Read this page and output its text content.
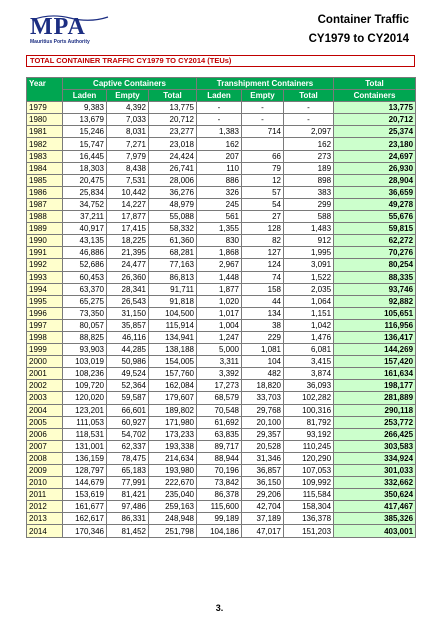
MPA
Mauritius Ports Authority
Container Traffic
CY1979 to CY2014
TOTAL CONTAINER TRAFFIC CY1979 TO CY2014 (TEUs)
Year	Captive Containers			Transhipment Containers			Total
	Laden	Empty	Total	Laden	Empty	Total	Containers
1979	9,383	4,392	13,775	-	-	-	13,775
1980	13,679	7,033	20,712	-	-	-	20,712
1981	15,246	8,031	23,277	1,383	714	2,097	25,374
1982	15,747	7,271	23,018	162		162	23,180
1983	16,445	7,979	24,424	207	66	273	24,697
1984	18,303	8,438	26,741	110	79	189	26,930
1985	20,475	7,531	28,006	886	12	898	28,904
1986	25,834	10,442	36,276	326	57	383	36,659
1987	34,752	14,227	48,979	245	54	299	49,278
1988	37,211	17,877	55,088	561	27	588	55,676
1989	40,917	17,415	58,332	1,355	128	1,483	59,815
1990	43,135	18,225	61,360	830	82	912	62,272
1991	46,886	21,395	68,281	1,868	127	1,995	70,276
1992	52,686	24,477	77,163	2,967	124	3,091	80,254
1993	60,453	26,360	86,813	1,448	74	1,522	88,335
1994	63,370	28,341	91,711	1,877	158	2,035	93,746
1995	65,275	26,543	91,818	1,020	44	1,064	92,882
1996	73,350	31,150	104,500	1,017	134	1,151	105,651
1997	80,057	35,857	115,914	1,004	38	1,042	116,956
1998	88,825	46,116	134,941	1,247	229	1,476	136,417
1999	93,903	44,285	138,188	5,000	1,081	6,081	144,269
2000	103,019	50,986	154,005	3,311	104	3,415	157,420
2001	108,236	49,524	157,760	3,392	482	3,874	161,634
2002	109,720	52,364	162,084	17,273	18,820	36,093	198,177
2003	120,020	59,587	179,607	68,579	33,703	102,282	281,889
2004	123,201	66,601	189,802	70,548	29,768	100,316	290,118
2005	111,053	60,927	171,980	61,692	20,100	81,792	253,772
2006	118,531	54,702	173,233	63,835	29,357	93,192	266,425
2007	131,001	62,337	193,338	89,717	20,528	110,245	303,583
2008	136,159	78,475	214,634	88,944	31,346	120,290	334,924
2009	128,797	65,183	193,980	70,196	36,857	107,053	301,033
2010	144,679	77,991	222,670	73,842	36,150	109,992	332,662
2011	153,619	81,421	235,040	86,378	29,206	115,584	350,624
2012	161,677	97,486	259,163	115,600	42,704	158,304	417,467
2013	162,617	86,331	248,948	99,189	37,189	136,378	385,326
2014	170,346	81,452	251,798	104,186	47,017	151,203	403,001
3.
